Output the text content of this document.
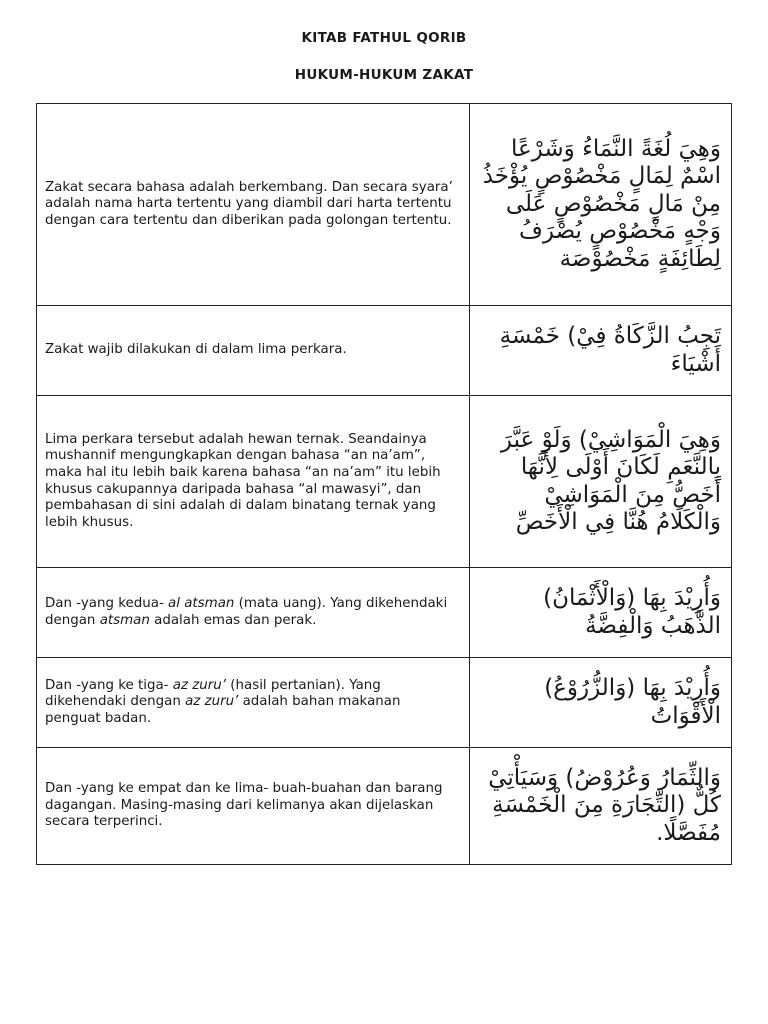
KITAB FATHUL QORIB
HUKUM-HUKUM ZAKAT

Zakat secara bahasa adalah berkembang. Dan secara syara’ adalah nama harta tertentu yang diambil dari harta tertentu dengan cara tertentu dan diberikan pada golongan tertentu.

وَهِيَ لُغَةً النَّمَاءُ وَشَرْعًا اسْمٌ لِمَالٍ مَخْصُوْصٍ يُؤْخَذُ مِنْ مَالٍ مَخْصُوْصٍ عَلَى وَجْهٍ مَخْصُوْصٍ يُصْرَفُ لِطَائِفَةٍ مَخْصُوْصَة

Zakat wajib dilakukan di dalam lima perkara.

تَجِبُ الزَّكَاةُ فِيْ) خَمْسَةِ أَشْيَاءَ

Lima perkara tersebut adalah hewan ternak. Seandainya mushannif mengungkapkan dengan bahasa “an na’am”, maka hal itu lebih baik karena bahasa “an na’am” itu lebih khusus cakupannya daripada bahasa “al mawasyi”, dan pembahasan di sini adalah di dalam binatang ternak yang lebih khusus.

وَهِيَ الْمَوَاشِيْ) وَلَوْ عَبَّرَ بِالنَّعَمِ لَكَانَ أَوْلَى لِأَنَّهَا أَخَصُّ مِنَ الْمَوَاشِيْ وَالْكَلَامُ هُنَّا فِي الْأَخَصِّ

Dan -yang kedua- al atsman (mata uang). Yang dikehendaki dengan atsman adalah emas dan perak.

وَأُرِيْدَ بِهَا (وَالْأَثْمَانُ) الذَّهَبُ وَالْفِضَّةُ

Dan -yang ke tiga- az zuru’ (hasil pertanian). Yang dikehendaki dengan az zuru’ adalah bahan makanan penguat badan.

وَأُرِيْدَ بِهَا (وَالزُّرُوْعُ) الْأَقْوَاتُ

Dan -yang ke empat dan ke lima- buah-buahan dan barang dagangan. Masing-masing dari kelimanya akan dijelaskan secara terperinci.

وَالثِّمَارُ وَعُرُوْضُ) وَسَيَأْتِيْ كُلٌّ (التِّجَارَةِ مِنَ الْخَمْسَةِ مُفَصَّلًا.
